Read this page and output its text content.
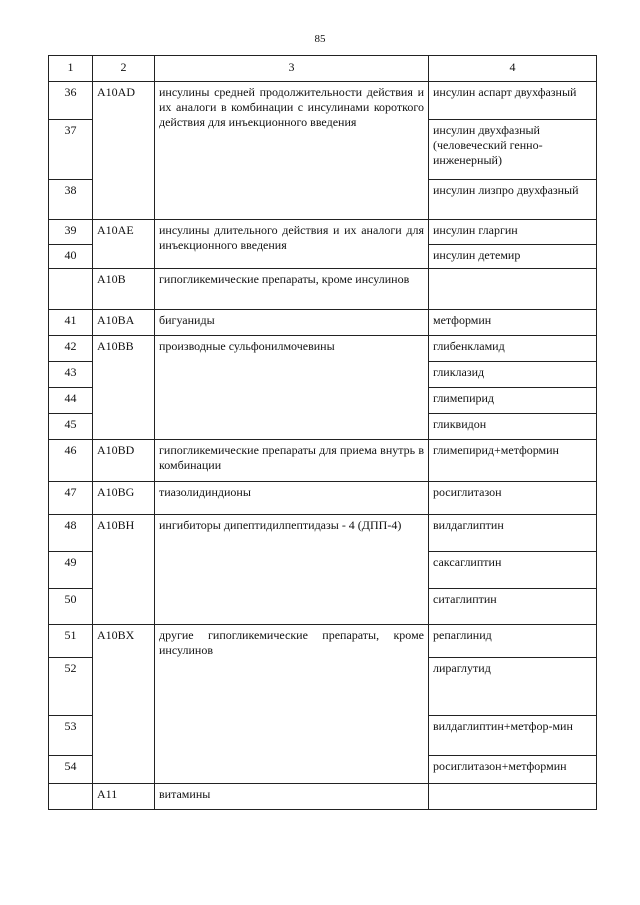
85
1	2	3	4
36	A10AD	инсулины средней продолжительности действия и их аналоги в комбинации с инсулинами короткого действия для инъекционного введения	инсулин аспарт двухфазный
37			инсулин двухфазный (человеческий генно-инженерный)
38			инсулин лизпро двухфазный
39	A10AE	инсулины длительного действия и их аналоги для инъекционного введения	инсулин гларгин
40			инсулин детемир
	A10B	гипогликемические препараты, кроме инсулинов	
41	A10BA	бигуаниды	метформин
42	A10BB	производные сульфонилмочевины	глибенкламид
43			гликлазид
44			глимепирид
45			гликвидон
46	A10BD	гипогликемические препараты для приема внутрь в комбинации	глимепирид+метформин
47	A10BG	тиазолидиндионы	росиглитазон
48	A10BH	ингибиторы дипептидилпептидазы - 4 (ДПП-4)	вилдаглиптин
49			саксаглиптин
50			ситаглиптин
51	A10BX	другие гипогликемические препараты, кроме инсулинов	репаглинид
52			лираглутид
53			вилдаглиптин+метфор-мин
54			росиглитазон+метформин
	A11	витамины	
